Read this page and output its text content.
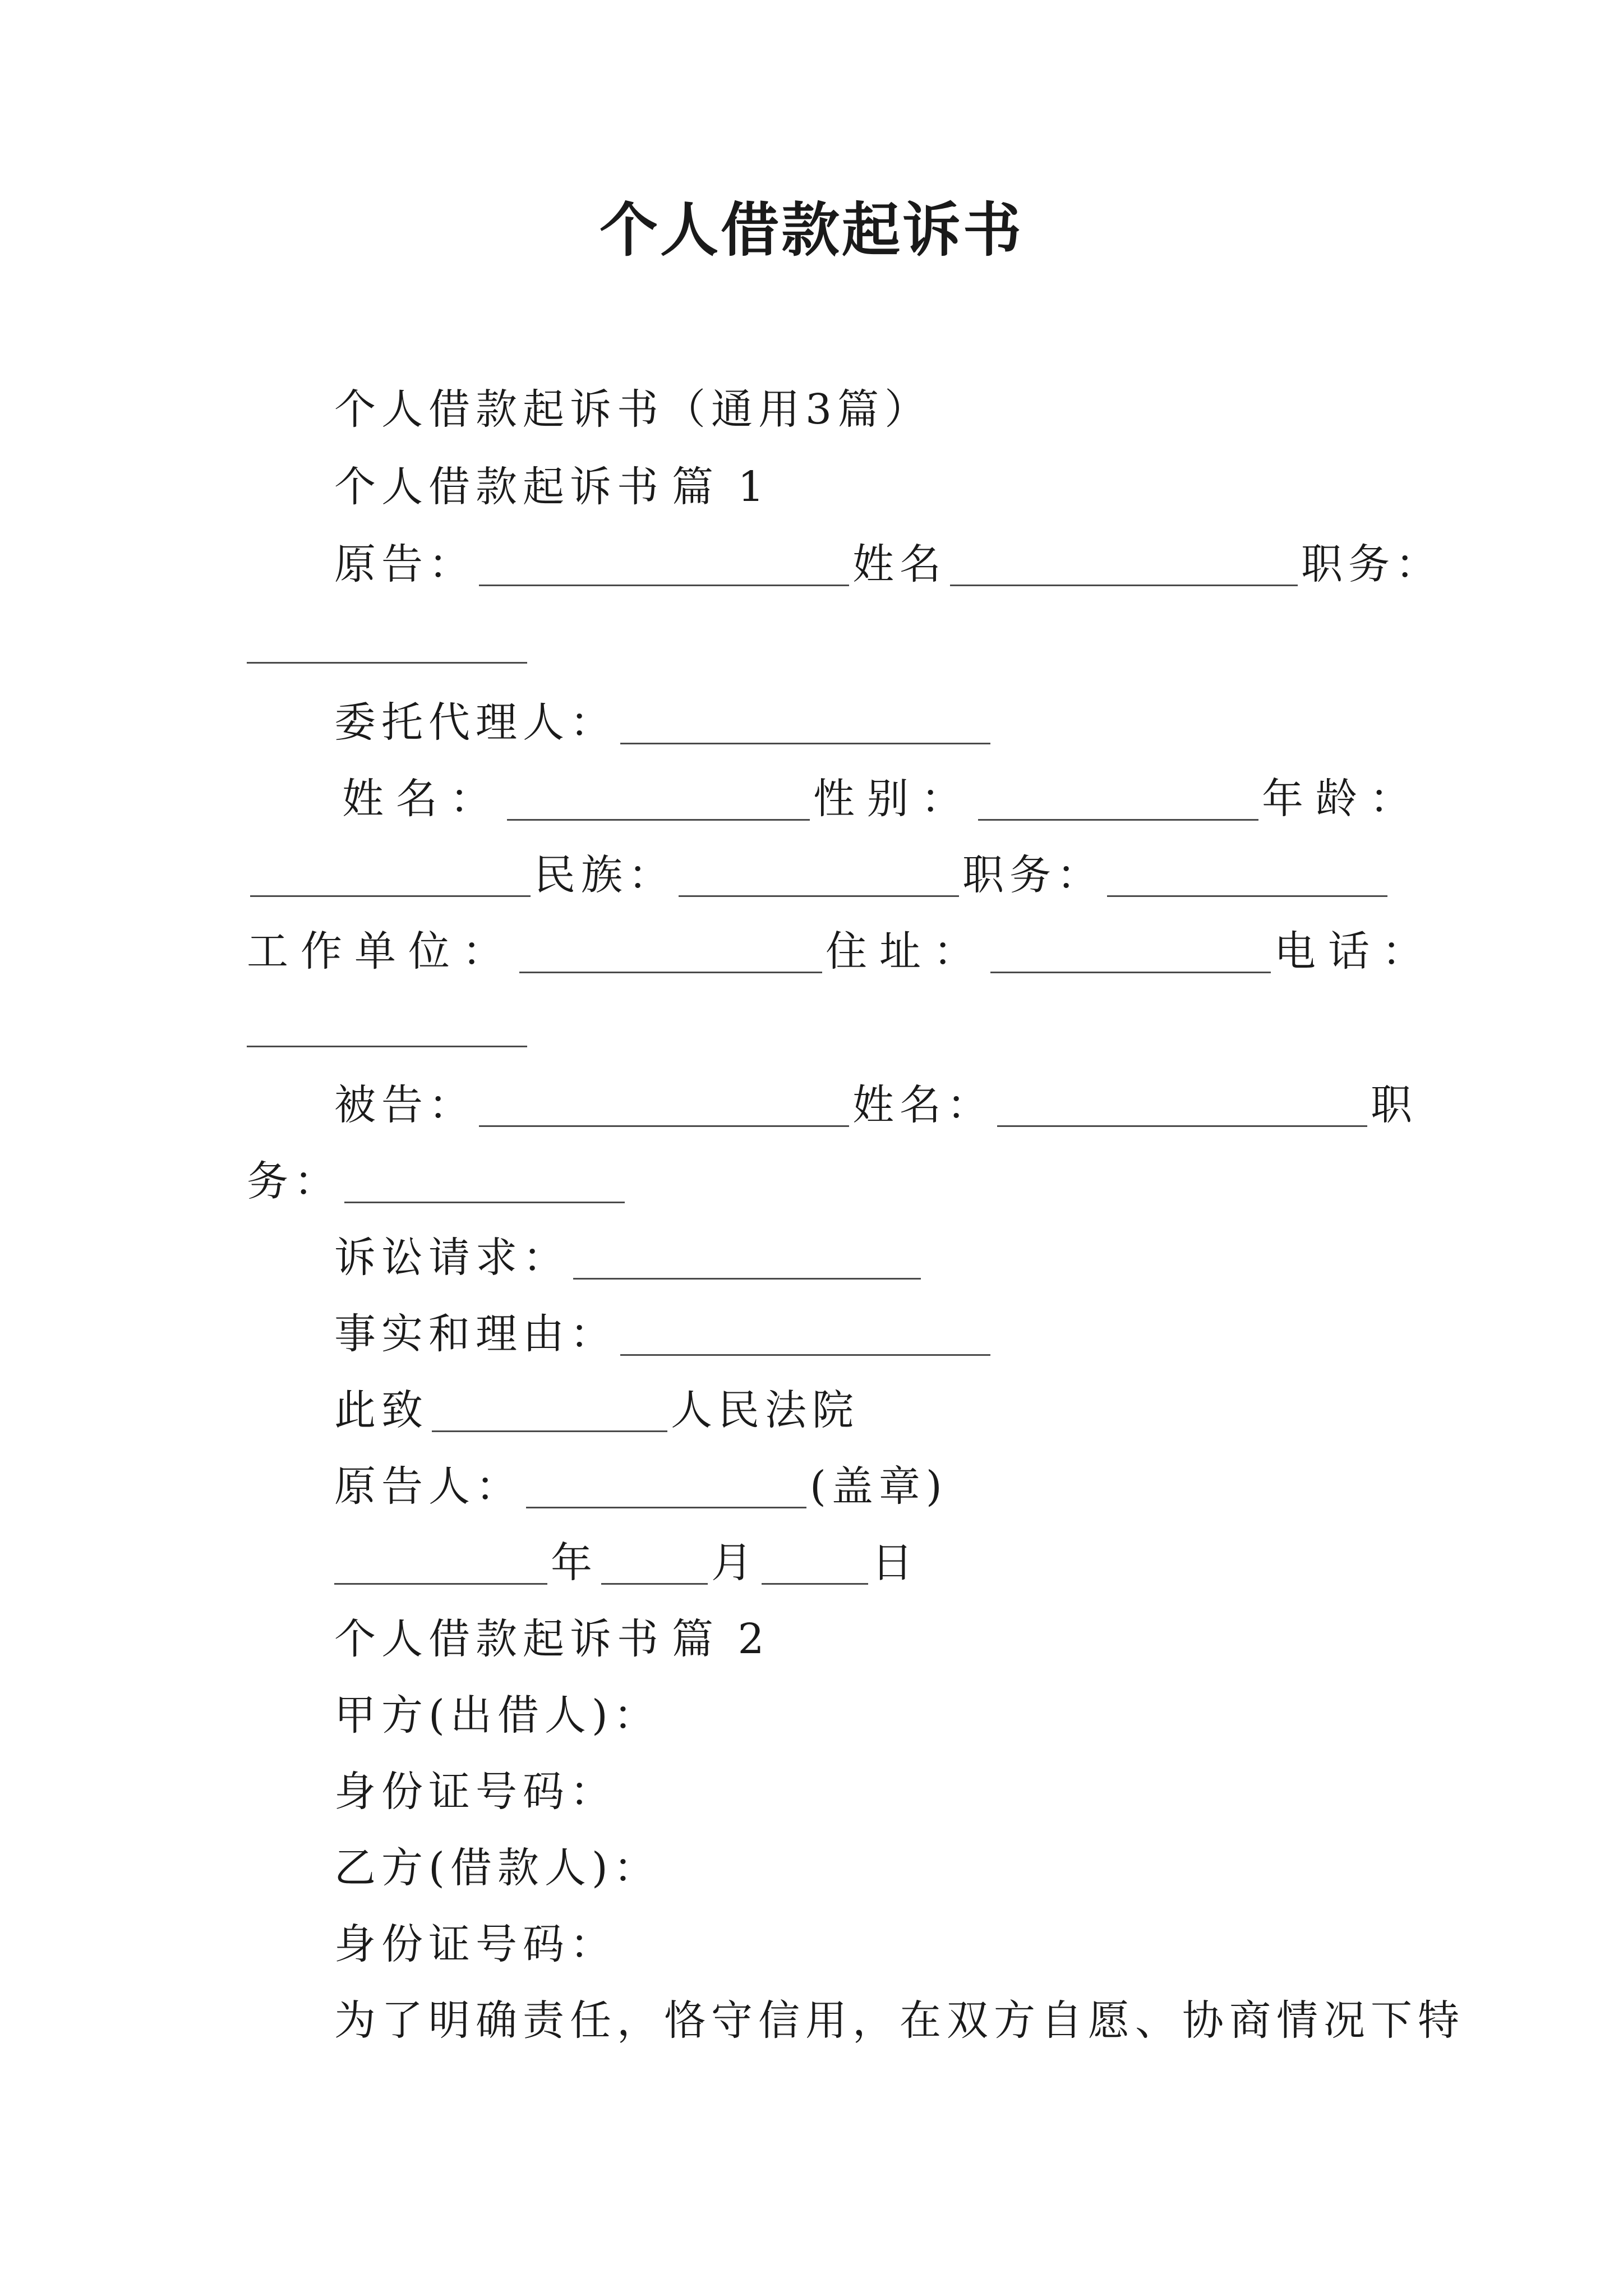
个人借款起诉书
个人借款起诉书（通用3篇）
个人借款起诉书 篇 1
原告：	姓名	职务：
委托代理人：
姓名：	性别：	年龄：
民族：	职务：
工作单位：	住址：	电话：
被告：	姓名：	职
务：
诉讼请求：
事实和理由：
此致	人民法院
原告人：	(盖章)
年	月	日
个人借款起诉书 篇 2
甲方(出借人)：
身份证号码：
乙方(借款人)：
身份证号码：
为了明确责任，恪守信用，在双方自愿、协商情况下特
